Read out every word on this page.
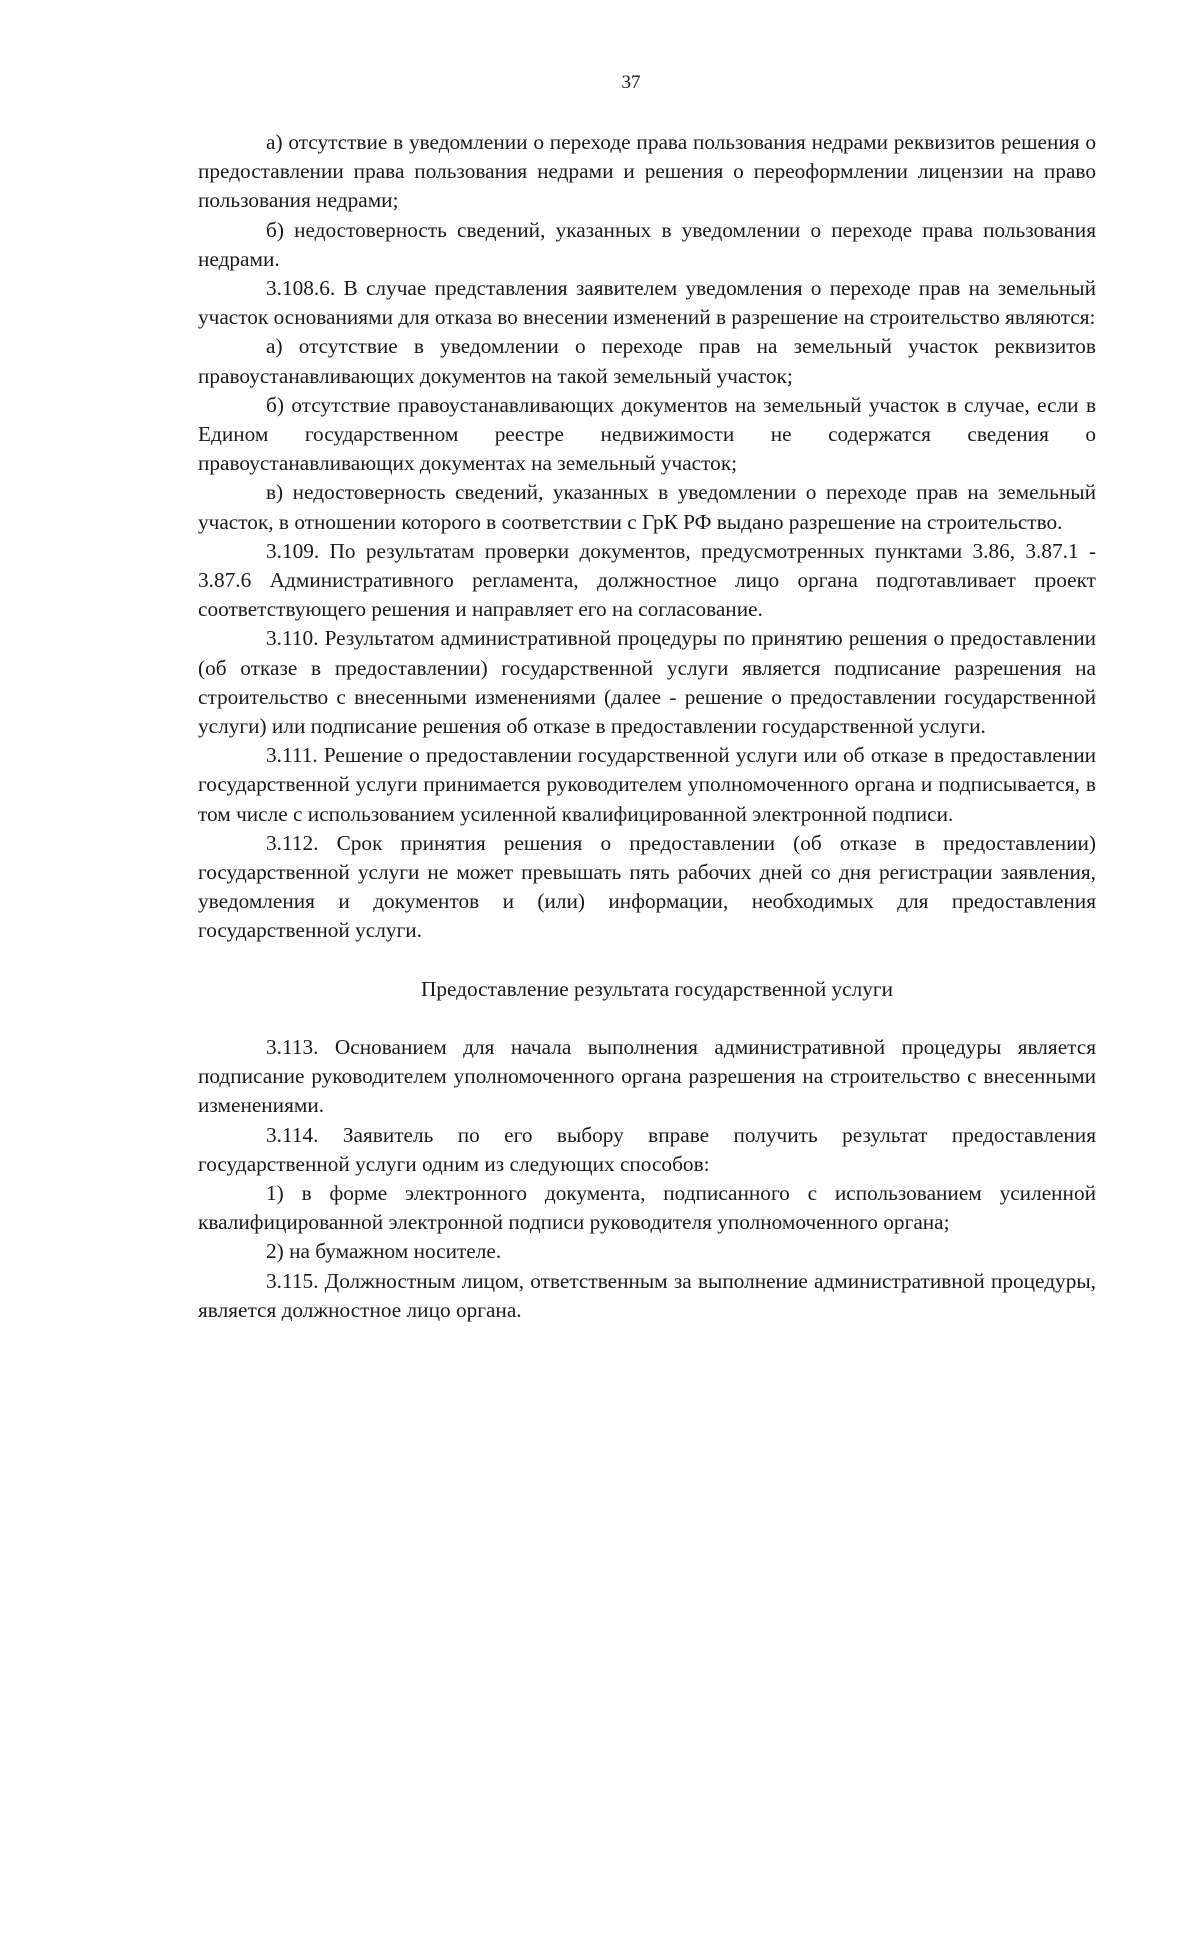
37

а) отсутствие в уведомлении о переходе права пользования недрами реквизитов решения о предоставлении права пользования недрами и решения о переоформлении лицензии на право пользования недрами;

б) недостоверность сведений, указанных в уведомлении о переходе права пользования недрами.

3.108.6. В случае представления заявителем уведомления о переходе прав на земельный участок основаниями для отказа во внесении изменений в разрешение на строительство являются:

а) отсутствие в уведомлении о переходе прав на земельный участок реквизитов правоустанавливающих документов на такой земельный участок;

б) отсутствие правоустанавливающих документов на земельный участок в случае, если в Едином государственном реестре недвижимости не содержатся сведения о правоустанавливающих документах на земельный участок;

в) недостоверность сведений, указанных в уведомлении о переходе прав на земельный участок, в отношении которого в соответствии с ГрК РФ выдано разрешение на строительство.

3.109. По результатам проверки документов, предусмотренных пунктами 3.86, 3.87.1 - 3.87.6 Административного регламента, должностное лицо органа подготавливает проект соответствующего решения и направляет его на согласование.

3.110. Результатом административной процедуры по принятию решения о предоставлении (об отказе в предоставлении) государственной услуги является подписание разрешения на строительство с внесенными изменениями (далее - решение о предоставлении государственной услуги) или подписание решения об отказе в предоставлении государственной услуги.

3.111. Решение о предоставлении государственной услуги или об отказе в предоставлении государственной услуги принимается руководителем уполномоченного органа и подписывается, в том числе с использованием усиленной квалифицированной электронной подписи.

3.112. Срок принятия решения о предоставлении (об отказе в предоставлении) государственной услуги не может превышать пять рабочих дней со дня регистрации заявления, уведомления и документов и (или) информации, необходимых для предоставления государственной услуги.

Предоставление результата государственной услуги

3.113. Основанием для начала выполнения административной процедуры является подписание руководителем уполномоченного органа разрешения на строительство с внесенными изменениями.

3.114. Заявитель по его выбору вправе получить результат предоставления государственной услуги одним из следующих способов:

1) в форме электронного документа, подписанного с использованием усиленной квалифицированной электронной подписи руководителя уполномоченного органа;

2) на бумажном носителе.

3.115. Должностным лицом, ответственным за выполнение административной процедуры, является должностное лицо органа.
